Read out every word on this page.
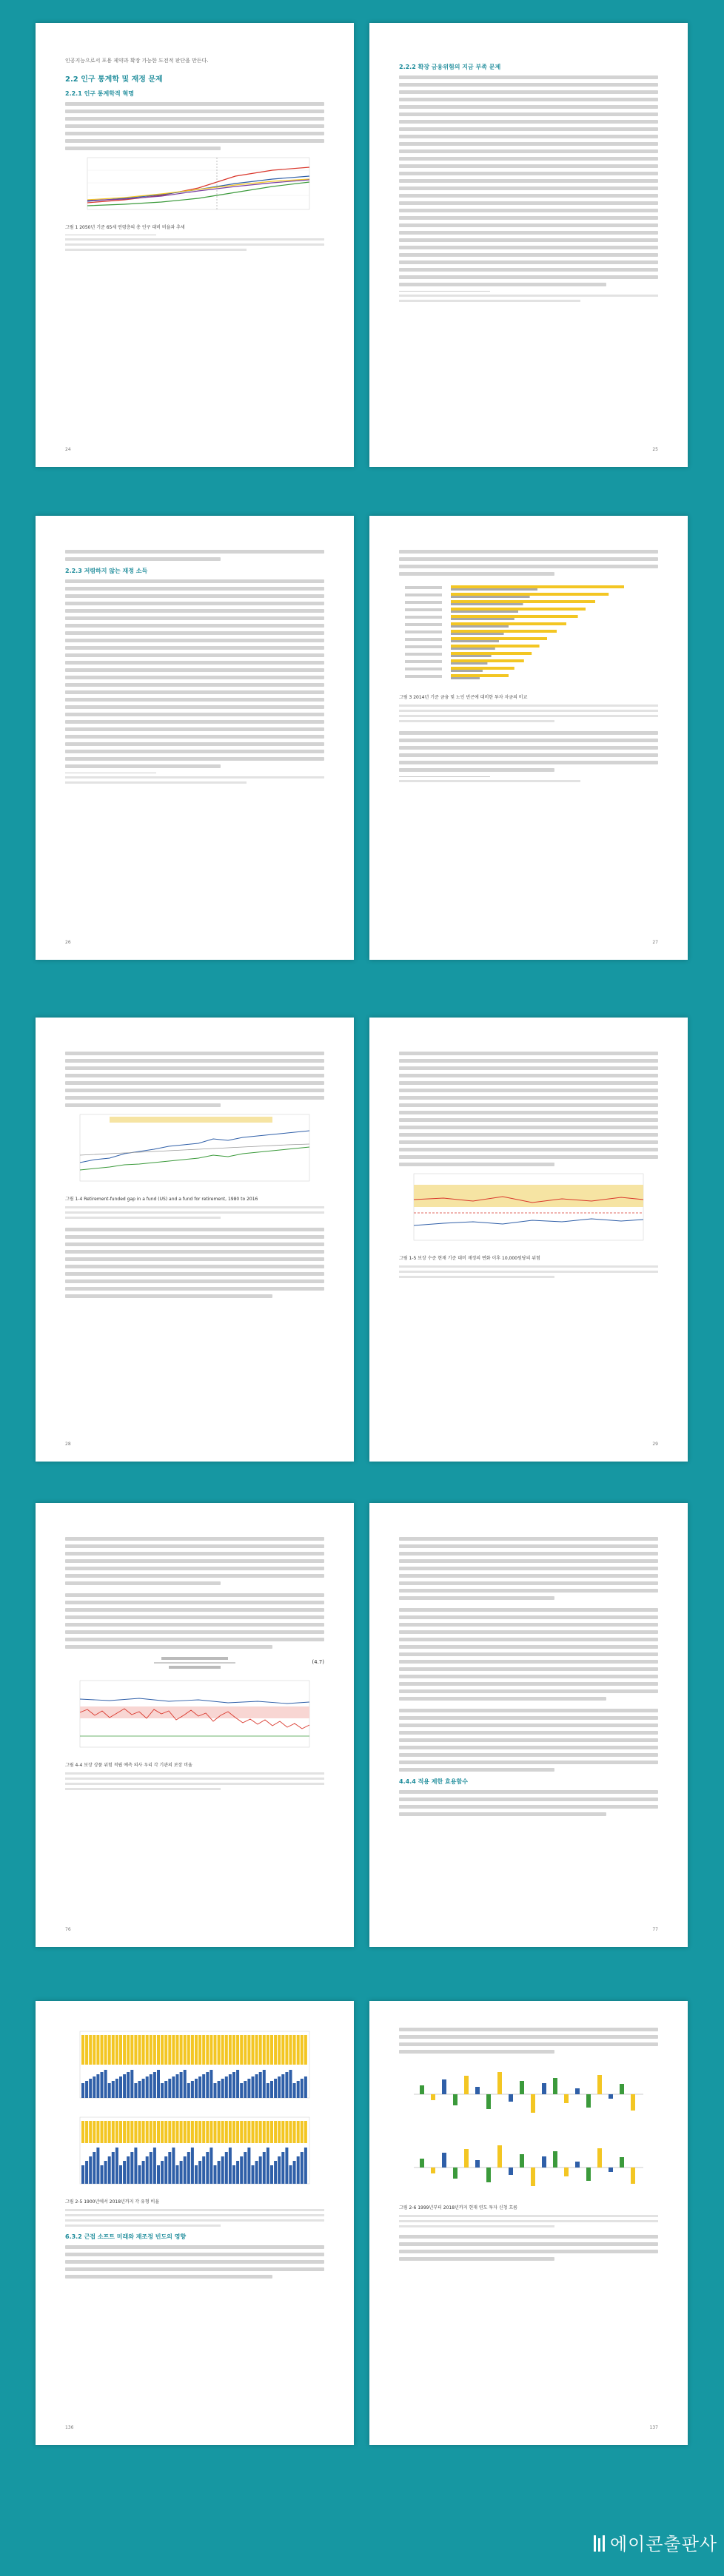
인공지능으로서 포용 제약과 확장 가능한 도전적 판단을 만든다.
2.2 인구 통계학 및 재정 문제
2.2.1 인구 통계학적 혁명
그림 1 2050년 기준 65세 연령층의 총 인구 대비 비율과 추세
24
2.2.2 확장 금융위험의 지금 부족 문제
25
2.2.3 저렴하지 않는 재정 소득
26
그림 3 2014년 기준 금융 및 노인 빈곤에 대비한 투자 자금의 비교
27
그림 1-4 Retirement-funded gap in a fund (US) and a fund for retirement, 1980 to 2016
28
그림 1-5 보장 수준 현재 기준 대비 재정의 변화 이후 10,000원당의 위험
29
(4.7)
그림 4-4 보장 상품 위험 적립 예측 의사 우리 각 기관의 보장 비율
76
4.4.4 적용 제한 효용함수
77
그림 2-5 1900년에서 2018년까지 각 유형 비율
6.3.2 근접 소프트 미래와 재조정 빈도의 영향
136
그림 2-6 1999년부터 2018년까지 현재 연도 투자 신청 흐름
137
에이콘출판사
